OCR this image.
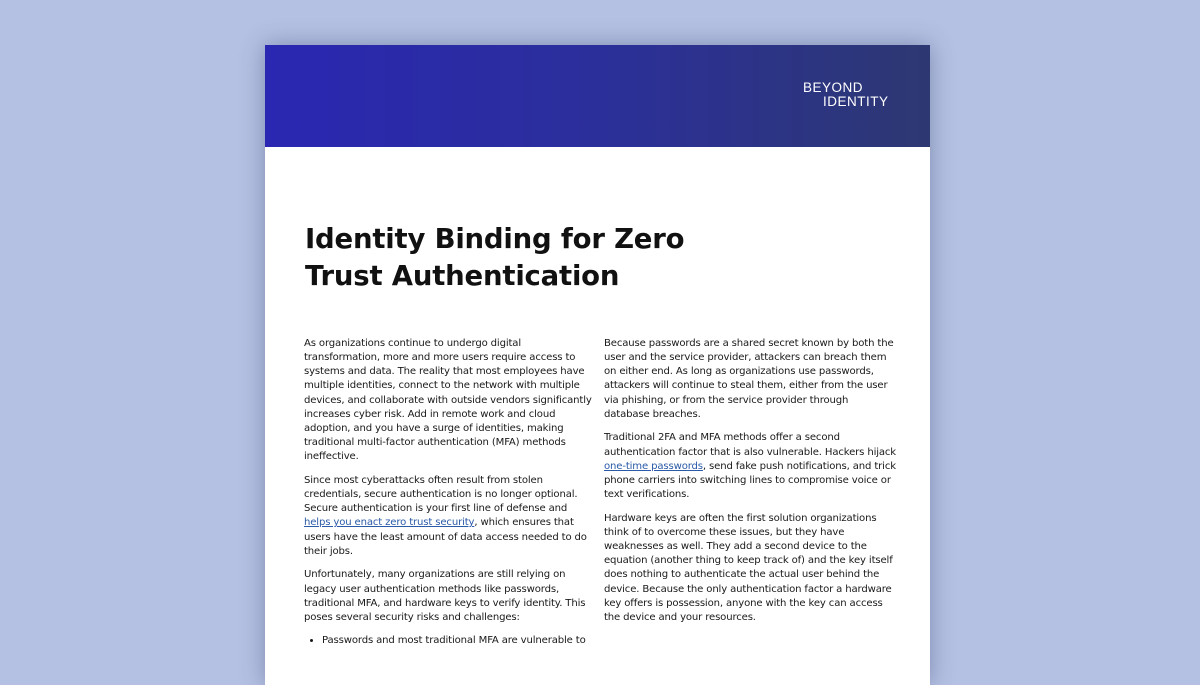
BEYOND
IDENTITY
Identity Binding for Zero Trust Authentication

As organizations continue to undergo digital transformation, more and more users require access to systems and data. The reality that most employees have multiple identities, connect to the network with multiple devices, and collaborate with outside vendors significantly increases cyber risk. Add in remote work and cloud adoption, and you have a surge of identities, making traditional multi-factor authentication (MFA) methods ineffective.

Since most cyberattacks often result from stolen credentials, secure authentication is no longer optional. Secure authentication is your first line of defense and helps you enact zero trust security, which ensures that users have the least amount of data access needed to do their jobs.

Unfortunately, many organizations are still relying on legacy user authentication methods like passwords, traditional MFA, and hardware keys to verify identity. This poses several security risks and challenges:

• Passwords and most traditional MFA are vulnerable to

Because passwords are a shared secret known by both the user and the service provider, attackers can breach them on either end. As long as organizations use passwords, attackers will continue to steal them, either from the user via phishing, or from the service provider through database breaches.

Traditional 2FA and MFA methods offer a second authentication factor that is also vulnerable. Hackers hijack one-time passwords, send fake push notifications, and trick phone carriers into switching lines to compromise voice or text verifications.

Hardware keys are often the first solution organizations think of to overcome these issues, but they have weaknesses as well. They add a second device to the equation (another thing to keep track of) and the key itself does nothing to authenticate the actual user behind the device. Because the only authentication factor a hardware key offers is possession, anyone with the key can access the device and your resources.
